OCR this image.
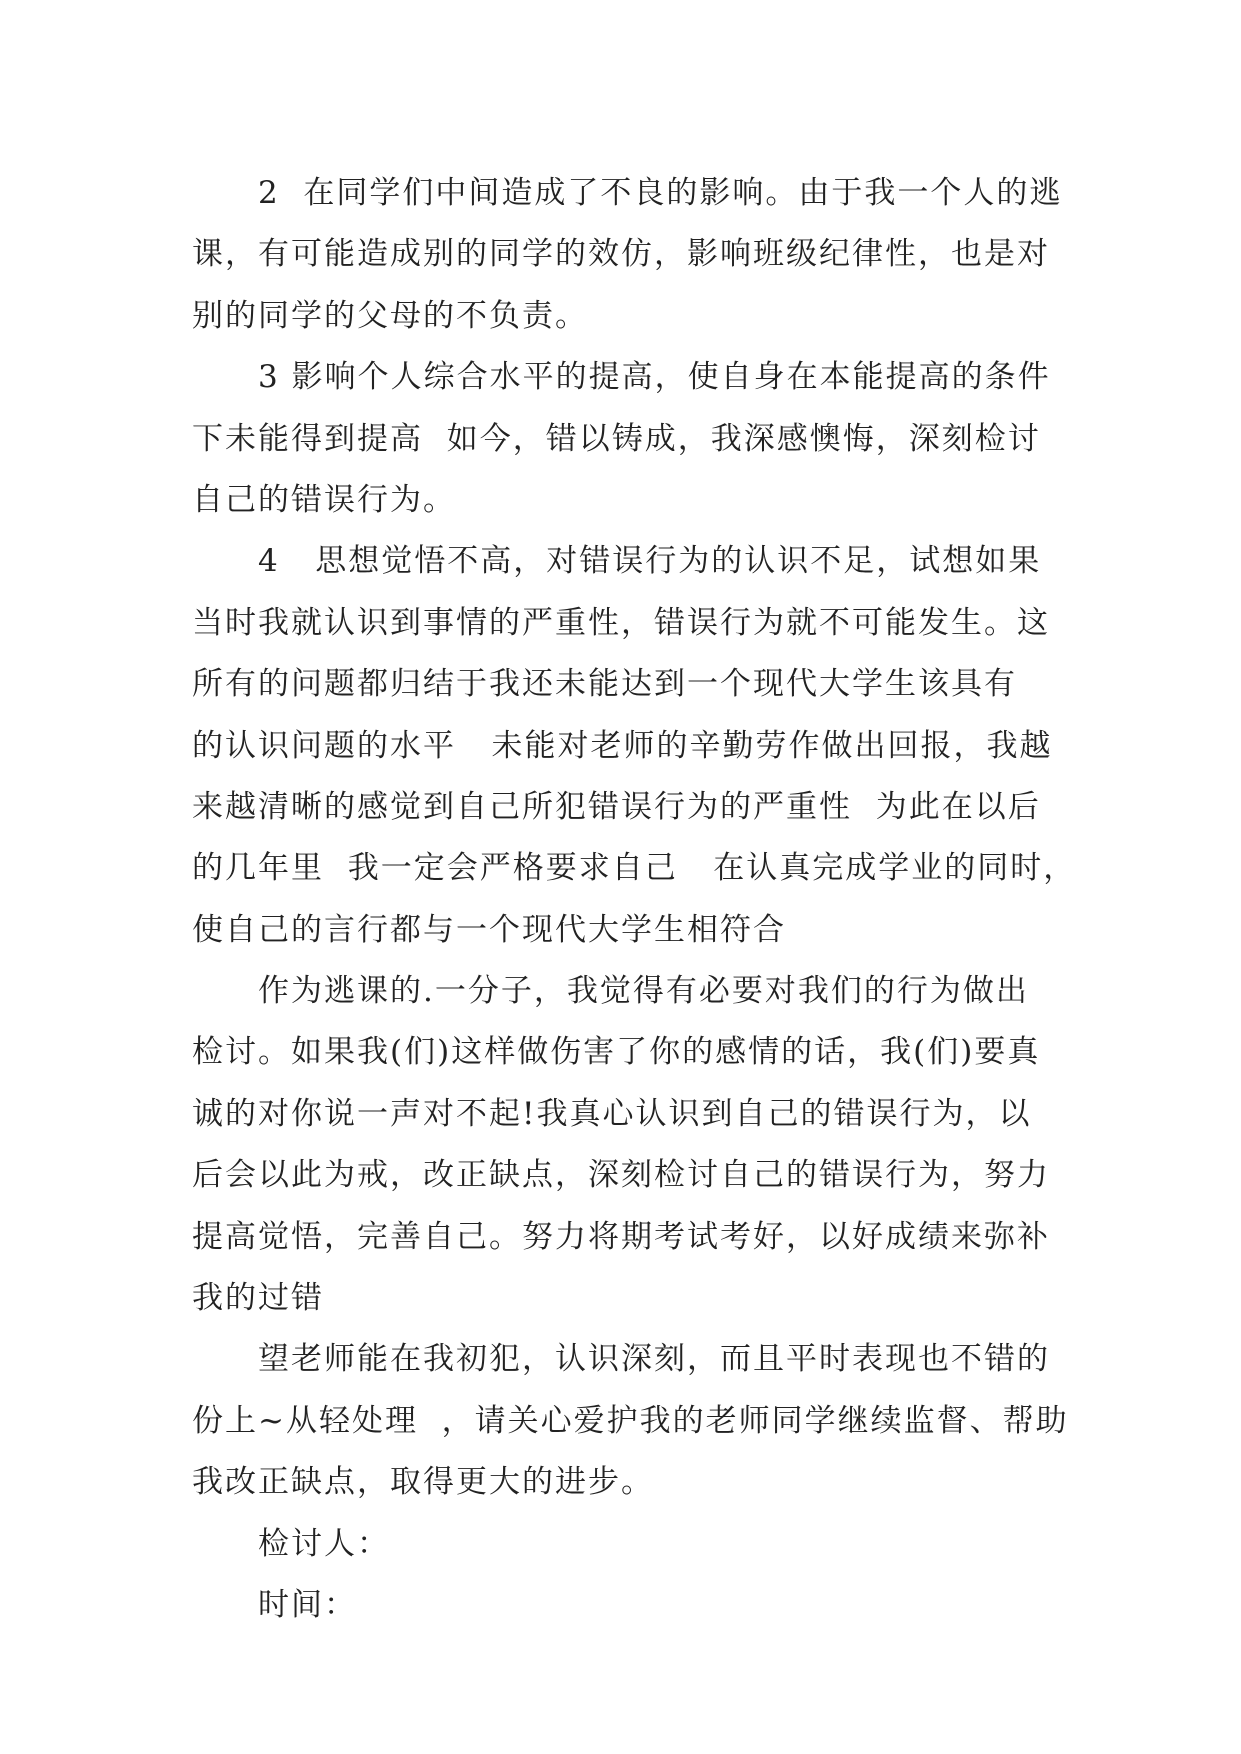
2  在同学们中间造成了不良的影响。由于我一个人的逃
课，有可能造成别的同学的效仿，影响班级纪律性，也是对
别的同学的父母的不负责。
3 影响个人综合水平的提高，使自身在本能提高的条件
下未能得到提高  如今，错以铸成，我深感懊悔，深刻检讨
自己的错误行为。
4   思想觉悟不高，对错误行为的认识不足，试想如果
当时我就认识到事情的严重性，错误行为就不可能发生。这
所有的问题都归结于我还未能达到一个现代大学生该具有
的认识问题的水平   未能对老师的辛勤劳作做出回报，我越
来越清晰的感觉到自己所犯错误行为的严重性  为此在以后
的几年里  我一定会严格要求自己   在认真完成学业的同时，
使自己的言行都与一个现代大学生相符合
作为逃课的.一分子，我觉得有必要对我们的行为做出
检讨。如果我(们)这样做伤害了你的感情的话，我(们)要真
诚的对你说一声对不起!我真心认识到自己的错误行为，以
后会以此为戒，改正缺点，深刻检讨自己的错误行为，努力
提高觉悟，完善自己。努力将期考试考好，以好成绩来弥补
我的过错
望老师能在我初犯，认识深刻，而且平时表现也不错的
份上~从轻处理  ，请关心爱护我的老师同学继续监督、帮助
我改正缺点，取得更大的进步。
检讨人：
时间：
